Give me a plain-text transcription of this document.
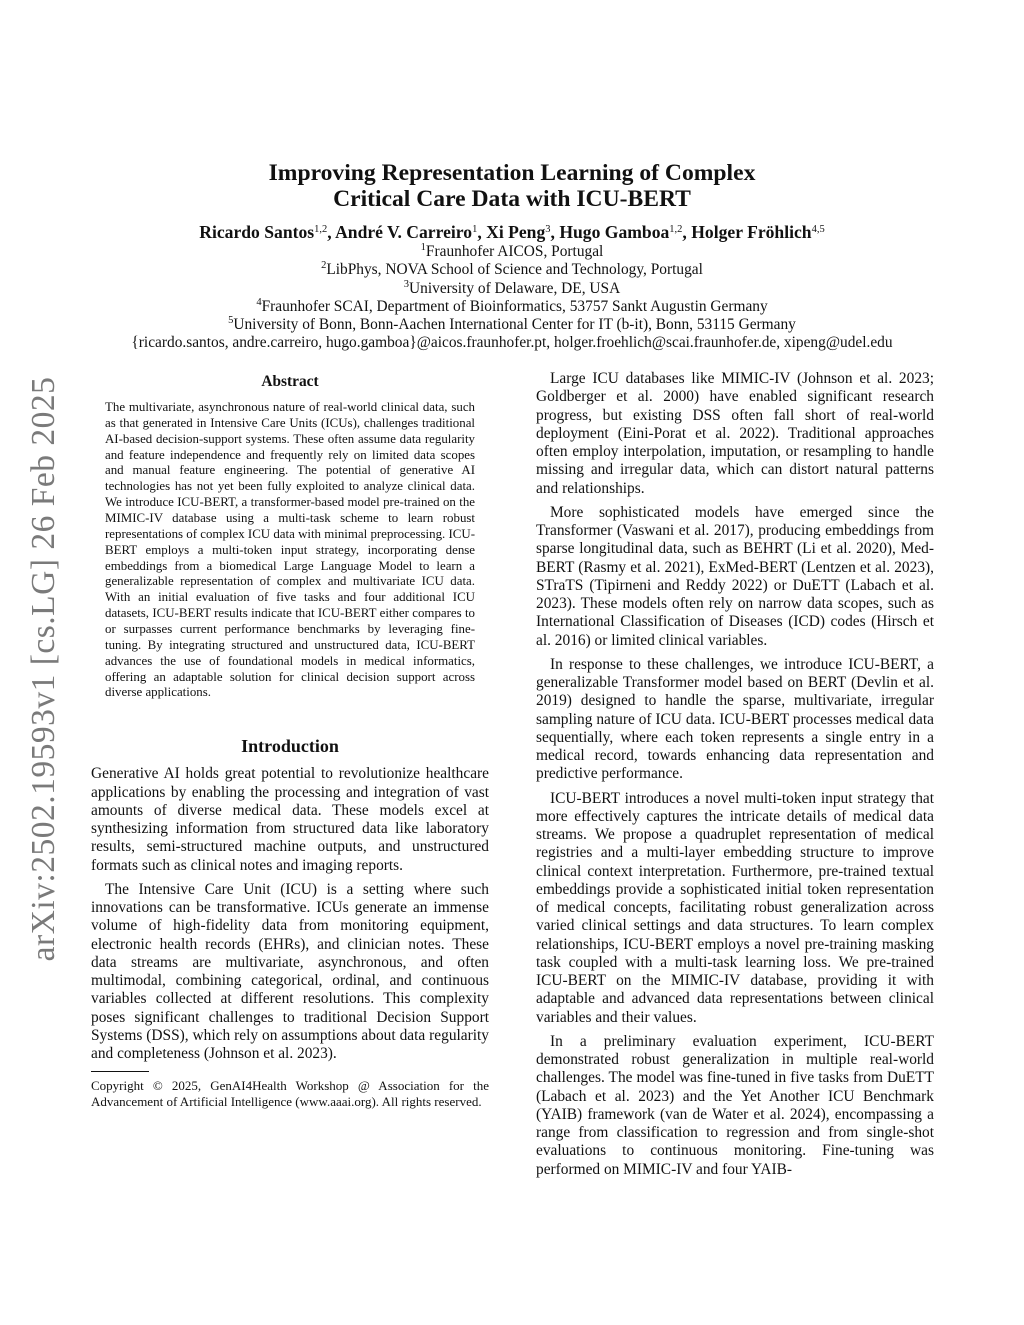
arXiv:2502.19593v1 [cs.LG] 26 Feb 2025
Improving Representation Learning of Complex
Critical Care Data with ICU-BERT
Ricardo Santos$^{1,2}$, André V. Carreiro$^1$, Xi Peng$^3$, Hugo Gamboa$^{1,2}$, Holger Fröhlich$^{4,5}$
$^1$Fraunhofer AICOS, Portugal
$^2$LibPhys, NOVA School of Science and Technology, Portugal
$^3$University of Delaware, DE, USA
$^4$Fraunhofer SCAI, Department of Bioinformatics, 53757 Sankt Augustin Germany
$^5$University of Bonn, Bonn-Aachen International Center for IT (b-it), Bonn, 53115 Germany
{ricardo.santos, andre.carreiro, hugo.gamboa}@aicos.fraunhofer.pt, holger.froehlich@scai.fraunhofer.de, xipeng@udel.edu
Abstract
The multivariate, asynchronous nature of real-world clinical data, such as that generated in Intensive Care Units (ICUs), challenges traditional AI-based decision-support systems. These often assume data regularity and feature independence and frequently rely on limited data scopes and manual feature engineering. The potential of generative AI technologies has not yet been fully exploited to analyze clinical data. We introduce ICU-BERT, a transformer-based model pre-trained on the MIMIC-IV database using a multi-task scheme to learn robust representations of complex ICU data with minimal preprocessing. ICU-BERT employs a multi-token input strategy, incorporating dense embeddings from a biomedical Large Language Model to learn a generalizable representation of complex and multivariate ICU data. With an initial evaluation of five tasks and four additional ICU datasets, ICU-BERT results indicate that ICU-BERT either compares to or surpasses current performance benchmarks by leveraging fine-tuning. By integrating structured and unstructured data, ICU-BERT advances the use of foundational models in medical informatics, offering an adaptable solution for clinical decision support across diverse applications.
Introduction

Generative AI holds great potential to revolutionize healthcare applications by enabling the processing and integration of vast amounts of diverse medical data. These models excel at synthesizing information from structured data like laboratory results, semi-structured machine outputs, and unstructured formats such as clinical notes and imaging reports.

The Intensive Care Unit (ICU) is a setting where such innovations can be transformative. ICUs generate an immense volume of high-fidelity data from monitoring equipment, electronic health records (EHRs), and clinician notes. These data streams are multivariate, asynchronous, and often multimodal, combining categorical, ordinal, and continuous variables collected at different resolutions. This complexity poses significant challenges to traditional Decision Support Systems (DSS), which rely on assumptions about data regularity and completeness (Johnson et al. 2023).

Copyright © 2025, GenAI4Health Workshop @ Association for the Advancement of Artificial Intelligence (www.aaai.org). All rights reserved.

Large ICU databases like MIMIC-IV (Johnson et al. 2023; Goldberger et al. 2000) have enabled significant research progress, but existing DSS often fall short of real-world deployment (Eini-Porat et al. 2022). Traditional approaches often employ interpolation, imputation, or resampling to handle missing and irregular data, which can distort natural patterns and relationships.

More sophisticated models have emerged since the Transformer (Vaswani et al. 2017), producing embeddings from sparse longitudinal data, such as BEHRT (Li et al. 2020), Med-BERT (Rasmy et al. 2021), ExMed-BERT (Lentzen et al. 2023), STraTS (Tipirneni and Reddy 2022) or DuETT (Labach et al. 2023). These models often rely on narrow data scopes, such as International Classification of Diseases (ICD) codes (Hirsch et al. 2016) or limited clinical variables.

In response to these challenges, we introduce ICU-BERT, a generalizable Transformer model based on BERT (Devlin et al. 2019) designed to handle the sparse, multivariate, irregular sampling nature of ICU data. ICU-BERT processes medical data sequentially, where each token represents a single entry in a medical record, towards enhancing data representation and predictive performance.

ICU-BERT introduces a novel multi-token input strategy that more effectively captures the intricate details of medical data streams. We propose a quadruplet representation of medical registries and a multi-layer embedding structure to improve clinical context interpretation. Furthermore, pre-trained textual embeddings provide a sophisticated initial token representation of medical concepts, facilitating robust generalization across varied clinical settings and data structures. To learn complex relationships, ICU-BERT employs a novel pre-training masking task coupled with a multi-task learning loss. We pre-trained ICU-BERT on the MIMIC-IV database, providing it with adaptable and advanced data representations between clinical variables and their values.

In a preliminary evaluation experiment, ICU-BERT demonstrated robust generalization in multiple real-world challenges. The model was fine-tuned in five tasks from DuETT (Labach et al. 2023) and the Yet Another ICU Benchmark (YAIB) framework (van de Water et al. 2024), encompassing a range from classification to regression and from single-shot evaluations to continuous monitoring. Fine-tuning was performed on MIMIC-IV and four YAIB-
